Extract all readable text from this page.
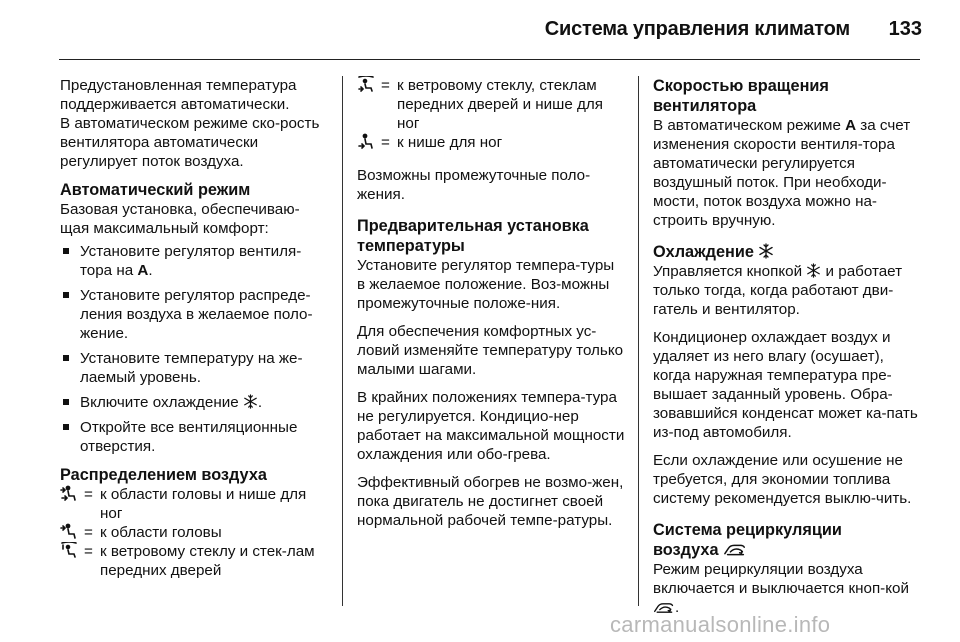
Система управления климатом 133

Предустановленная температура поддерживается автоматически.

В автоматическом режиме ско-рость вентилятора автоматически регулирует поток воздуха.

Автоматический режим

Базовая установка, обеспечиваю-щая максимальный комфорт:

Установите регулятор вентиля-тора на A.
Установите регулятор распреде-ления воздуха в желаемое поло-жение.
Установите температуру на же-лаемый уровень.
Включите охлаждение .
Откройте все вентиляционные отверстия.
Распределением воздуха
= к области головы и нише для ног
= к области головы
= к ветровому стеклу и стек-лам передних дверей
= к ветровому стеклу, стеклам передних дверей и нише для ног
= к нише для ног

Возможны промежуточные поло-жения.

Предварительная установка температуры

Установите регулятор темпера-туры в желаемое положение. Воз-можны промежуточные положе-ния.

Для обеспечения комфортных ус-ловий изменяйте температуру только малыми шагами.

В крайних положениях темпера-тура не регулируется. Кондицио-нер работает на максимальной мощности охлаждения или обо-грева.

Эффективный обогрев не возмо-жен, пока двигатель не достигнет своей нормальной рабочей темпе-ратуры.

Скоростью вращения вентилятора

В автоматическом режиме A за счет изменения скорости вентиля-тора автоматически регулируется воздушный поток. При необходи-мости, поток воздуха можно на-строить вручную.

Охлаждение

Управляется кнопкой  и работает только тогда, когда работают дви-гатель и вентилятор.

Кондиционер охлаждает воздух и удаляет из него влагу (осушает), когда наружная температура пре-вышает заданный уровень. Обра-зовавшийся конденсат может ка-пать из-под автомобиля.

Если охлаждение или осушение не требуется, для экономии топлива систему рекомендуется выклю-чить.

Система рециркуляции
воздуха

Режим рециркуляции воздуха включается и выключается кноп-кой .

carmanualsonline.info
